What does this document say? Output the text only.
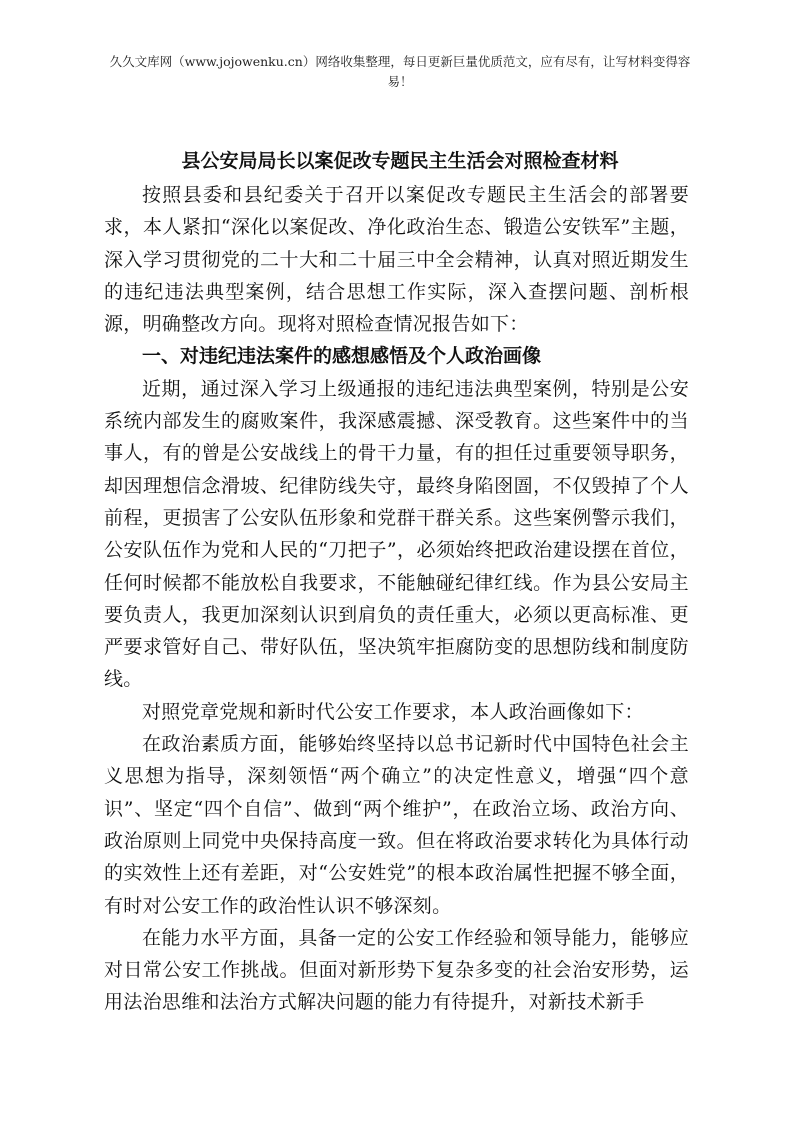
久久文库网（www.jojowenku.cn）网络收集整理，每日更新巨量优质范文，应有尽有，让写材料变得容易！
县公安局局长以案促改专题民主生活会对照检查材料

按照县委和县纪委关于召开以案促改专题民主生活会的部署要求，本人紧扣“深化以案促改、净化政治生态、锻造公安铁军”主题，深入学习贯彻党的二十大和二十届三中全会精神，认真对照近期发生的违纪违法典型案例，结合思想工作实际，深入查摆问题、剖析根源，明确整改方向。现将对照检查情况报告如下：

一、对违纪违法案件的感想感悟及个人政治画像

近期，通过深入学习上级通报的违纪违法典型案例，特别是公安系统内部发生的腐败案件，我深感震撼、深受教育。这些案件中的当事人，有的曾是公安战线上的骨干力量，有的担任过重要领导职务，却因理想信念滑坡、纪律防线失守，最终身陷囹圄，不仅毁掉了个人前程，更损害了公安队伍形象和党群干群关系。这些案例警示我们，公安队伍作为党和人民的“刀把子”，必须始终把政治建设摆在首位，任何时候都不能放松自我要求，不能触碰纪律红线。作为县公安局主要负责人，我更加深刻认识到肩负的责任重大，必须以更高标准、更严要求管好自己、带好队伍，坚决筑牢拒腐防变的思想防线和制度防线。

对照党章党规和新时代公安工作要求，本人政治画像如下：

在政治素质方面，能够始终坚持以总书记新时代中国特色社会主义思想为指导，深刻领悟“两个确立”的决定性意义，增强“四个意识”、坚定“四个自信”、做到“两个维护”，在政治立场、政治方向、政治原则上同党中央保持高度一致。但在将政治要求转化为具体行动的实效性上还有差距，对“公安姓党”的根本政治属性把握不够全面，有时对公安工作的政治性认识不够深刻。

在能力水平方面，具备一定的公安工作经验和领导能力，能够应对日常公安工作挑战。但面对新形势下复杂多变的社会治安形势，运用法治思维和法治方式解决问题的能力有待提升，对新技术新手
